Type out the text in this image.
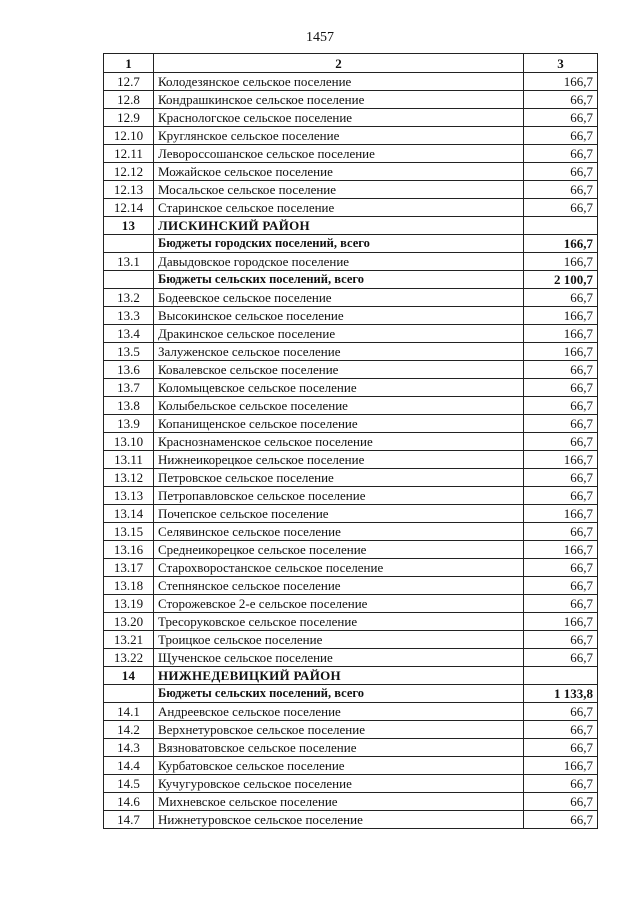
1457
1	2	3
12.7	Колодезянское сельское поселение	166,7
12.8	Кондрашкинское сельское поселение	66,7
12.9	Краснологское сельское поселение	66,7
12.10	Круглянское сельское поселение	66,7
12.11	Левороссошанское сельское поселение	66,7
12.12	Можайское сельское поселение	66,7
12.13	Мосальское сельское поселение	66,7
12.14	Старинское сельское поселение	66,7
13	ЛИСКИНСКИЙ РАЙОН	
	Бюджеты городских поселений, всего	166,7
13.1	Давыдовское городское поселение	166,7
	Бюджеты сельских поселений, всего	2 100,7
13.2	Бодеевское сельское поселение	66,7
13.3	Высокинское сельское поселение	166,7
13.4	Дракинское сельское поселение	166,7
13.5	Залуженское сельское поселение	166,7
13.6	Ковалевское сельское поселение	66,7
13.7	Коломыцевское сельское поселение	66,7
13.8	Колыбельское сельское поселение	66,7
13.9	Копанищенское сельское поселение	66,7
13.10	Краснознаменское сельское поселение	66,7
13.11	Нижнеикорецкое сельское поселение	166,7
13.12	Петровское сельское поселение	66,7
13.13	Петропавловское сельское поселение	66,7
13.14	Почепское сельское поселение	166,7
13.15	Селявинское сельское поселение	66,7
13.16	Среднеикорецкое сельское поселение	166,7
13.17	Старохворостанское сельское поселение	66,7
13.18	Степнянское сельское поселение	66,7
13.19	Сторожевское 2-е сельское поселение	66,7
13.20	Тресоруковское сельское поселение	166,7
13.21	Троицкое сельское поселение	66,7
13.22	Щученское сельское поселение	66,7
14	НИЖНЕДЕВИЦКИЙ РАЙОН	
	Бюджеты сельских поселений, всего	1 133,8
14.1	Андреевское сельское поселение	66,7
14.2	Верхнетуровское сельское поселение	66,7
14.3	Вязноватовское сельское поселение	66,7
14.4	Курбатовское сельское поселение	166,7
14.5	Кучугуровское сельское поселение	66,7
14.6	Михневское сельское поселение	66,7
14.7	Нижнетуровское сельское поселение	66,7
